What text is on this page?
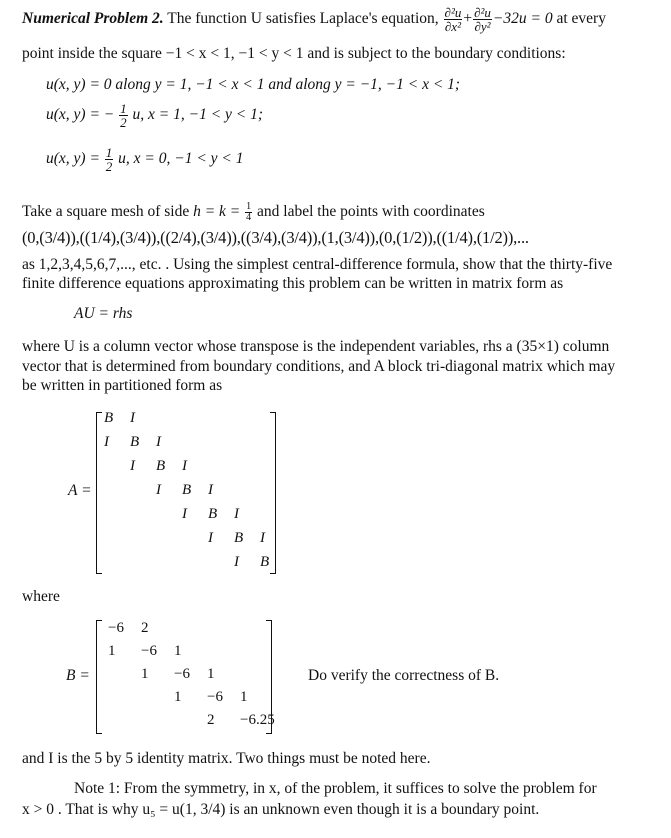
Numerical Problem 2. The function U satisfies Laplace's equation, $\frac{\text{∂²u}}{\text{∂x²}} + \frac{\text{∂²u}}{\text{∂y²}} -32u = 0$ at every
point inside the square −1 < x < 1, −1 < y < 1 and is subject to the boundary conditions:
u(x, y) = 0 along y = 1, −1 < x < 1 and along y = −1, −1 < x < 1;
u(x, y) = − $\frac{1}{2} u$, x = 1, −1 < y < 1;
u(x, $y) = \frac{1}{2} u$, x = 0, −1 < y < 1
Take a square mesh of side $h = k = \frac{1}{4}$ and label the points with coordinates
(0,(3/4)),((1/4),(3/4)),((2/4),(3/4)),((3/4),(3/4)),(1,(3/4)),(0,(1/2)),((1/4),(1/2)),...
as 1,2,3,4,5,6,7,..., etc. . Using the simplest central-difference formula, show that the thirty-five
finite difference equations approximating this problem can be written in matrix form as
AU = rhs
where U is a column vector whose transpose is the independent variables, rhs a (35×1) column
vector that is determined from boundary conditions, and A block tri-diagonal matrix which may
be written in partitioned form as
A =
B I
I B I
I B I
I B I
I B I
I B I
I B
where
B =
−6 2
1 −6 1
1 −6 1
1 −6 1
2 −6.25
Do verify the correctness of B.
and I is the 5 by 5 identity matrix. Two things must be noted here.
Note 1: From the symmetry, in x, of the problem, it suffices to solve the problem for
x > 0 . That is why u₅ = u(1, 3/4) is an unknown even though it is a boundary point.
